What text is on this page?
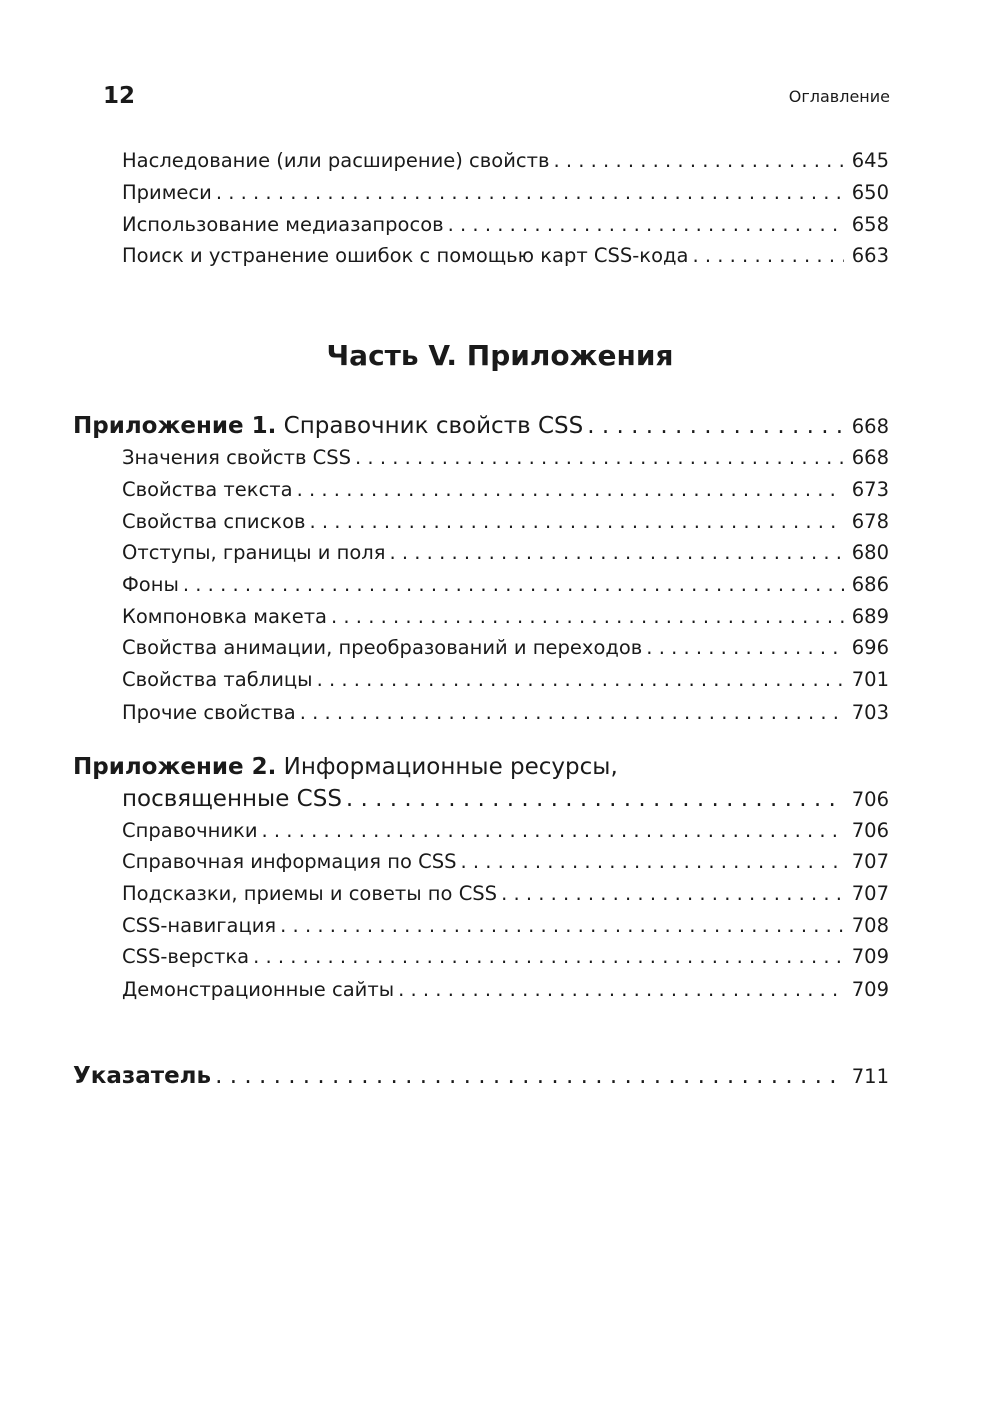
12	Оглавление
Наследование (или расширение) свойств . . .	645
Примеси . . .	650
Использование медиазапросов . . .	658
Поиск и устранение ошибок с помощью карт CSS-кода . . .	663
Часть V. Приложения
Приложение 1. Справочник свойств CSS . . .	668
Значения свойств CSS . . .	668
Свойства текста . . .	673
Свойства списков . . .	678
Отступы, границы и поля . . .	680
Фоны . . .	686
Компоновка макета . . .	689
Свойства анимации, преобразований и переходов . . .	696
Свойства таблицы . . .	701
Прочие свойства . . .	703
Приложение 2. Информационные ресурсы,
посвященные CSS . . .	706
Справочники . . .	706
Справочная информация по CSS . . .	707
Подсказки, приемы и советы по CSS . . .	707
CSS-навигация . . .	708
CSS-верстка . . .	709
Демонстрационные сайты . . .	709
Указатель . . .	711
